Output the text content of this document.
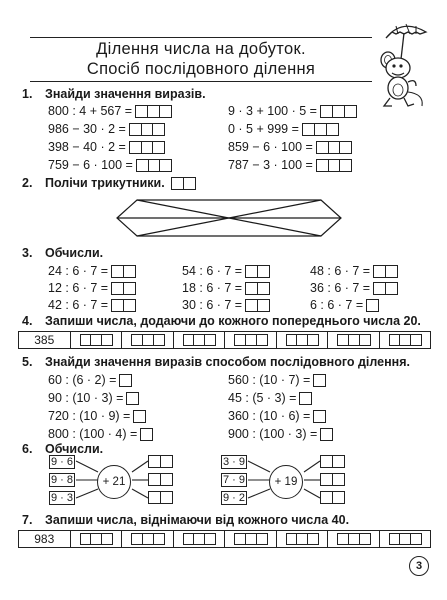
Ділення числа на добуток.
Спосіб послідовного ділення
1. Знайди значення виразів.
800 : 4 + 567 =
986 − 30 · 2 =
398 − 40 · 2 =
759 − 6 · 100 =
9 · 3 + 100 · 5 =
0 · 5 + 999 =
859 − 6 · 100 =
787 − 3 · 100 =
2. Полічи трикутники.
3. Обчисли.
24 : 6 · 7 =
12 : 6 · 7 =
42 : 6 · 7 =
54 : 6 · 7 =
18 : 6 · 7 =
30 : 6 · 7 =
48 : 6 · 7 =
36 : 6 · 7 =
6 : 6 · 7 =
4. Запиши числа, додаючи до кожного попереднього числа 20.
385
5. Знайди значення виразів способом послідовного ділення.
60 : (6 · 2) =
90 : (10 · 3) =
720 : (10 · 9) =
800 : (100 · 4) =
560 : (10 · 7) =
45 : (5 · 3) =
360 : (10 · 6) =
900 : (100 · 3) =
6. Обчисли.
9 · 6
9 · 8
9 · 3
+ 21
3 · 9
7 · 9
9 · 2
+ 19
7. Запиши числа, віднімаючи від кожного числа 40.
983
3
